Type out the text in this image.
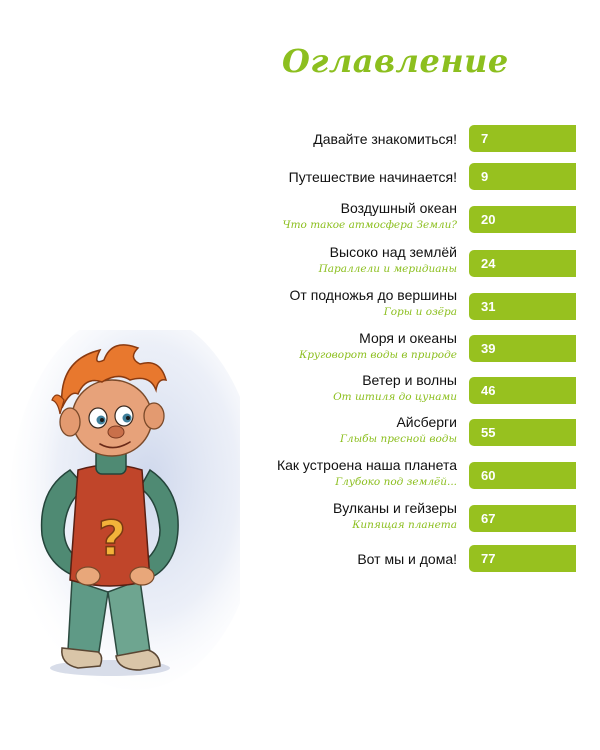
Оглавление
Давайте знакомиться! 7
Путешествие начинается! 9
Воздушный океан
Что такое атмосфера Земли? 20
Высоко над землёй
Параллели и меридианы 24
От подножья до вершины
Горы и озёра 31
Моря и океаны
Круговорот воды в природе 39
Ветер и волны
От штиля до цунами 46
Айсберги
Глыбы пресной воды 55
Как устроена наша планета
Глубоко под землёй... 60
Вулканы и гейзеры
Кипящая планета 67
Вот мы и дома! 77
?
